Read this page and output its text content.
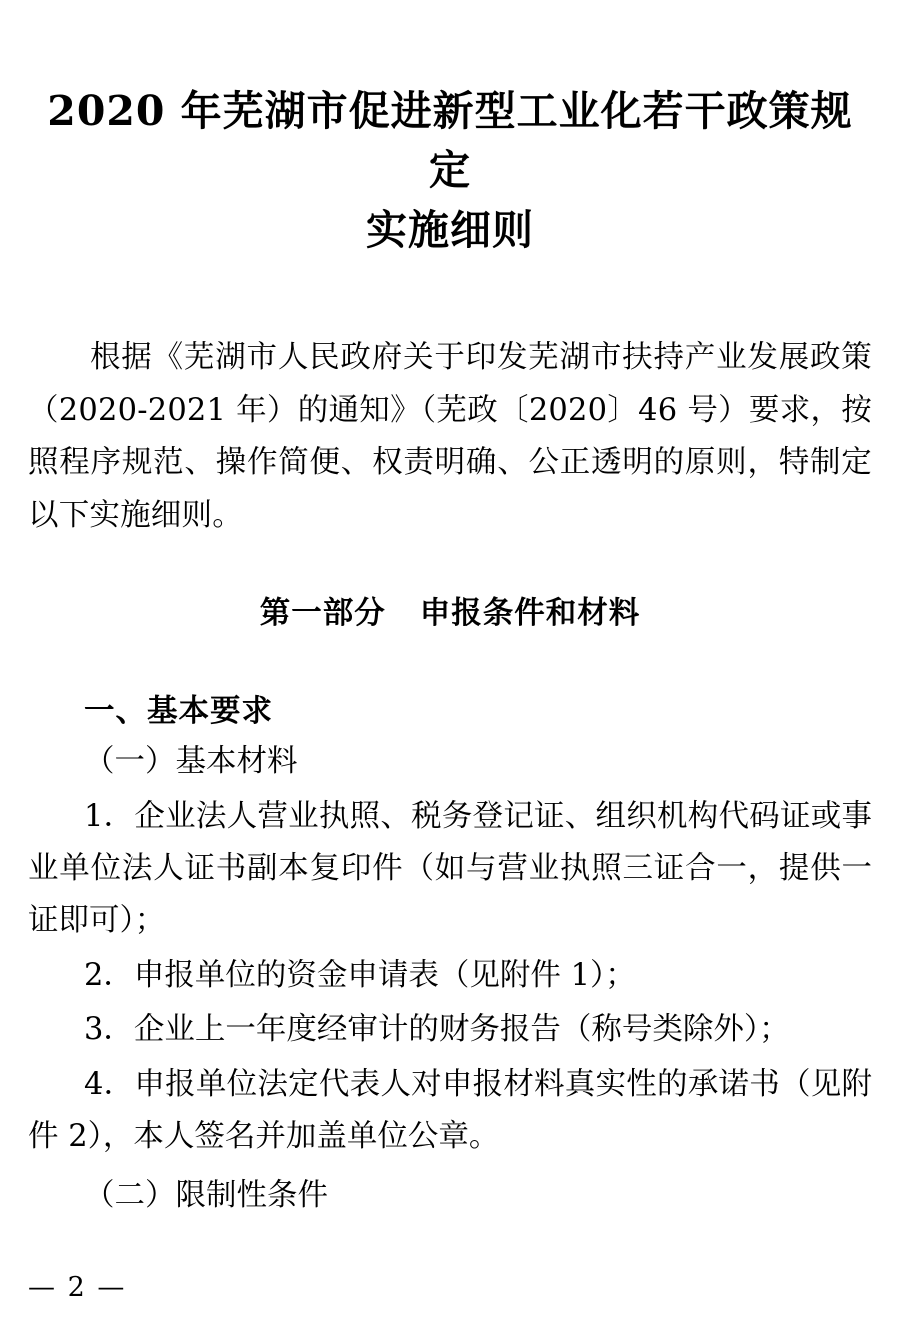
2020 年芜湖市促进新型工业化若干政策规定
实施细则

根据《芜湖市人民政府关于印发芜湖市扶持产业发展政策（2020-2021 年）的通知》（芜政〔2020〕46 号）要求，按照程序规范、操作简便、权责明确、公正透明的原则，特制定以下实施细则。

第一部分 申报条件和材料
一、基本要求

（一）基本材料

1．企业法人营业执照、税务登记证、组织机构代码证或事业单位法人证书副本复印件（如与营业执照三证合一，提供一证即可）；

2．申报单位的资金申请表（见附件 1）；

3．企业上一年度经审计的财务报告（称号类除外）；

4．申报单位法定代表人对申报材料真实性的承诺书（见附件 2），本人签名并加盖单位公章。

（二）限制性条件

— 2 —
